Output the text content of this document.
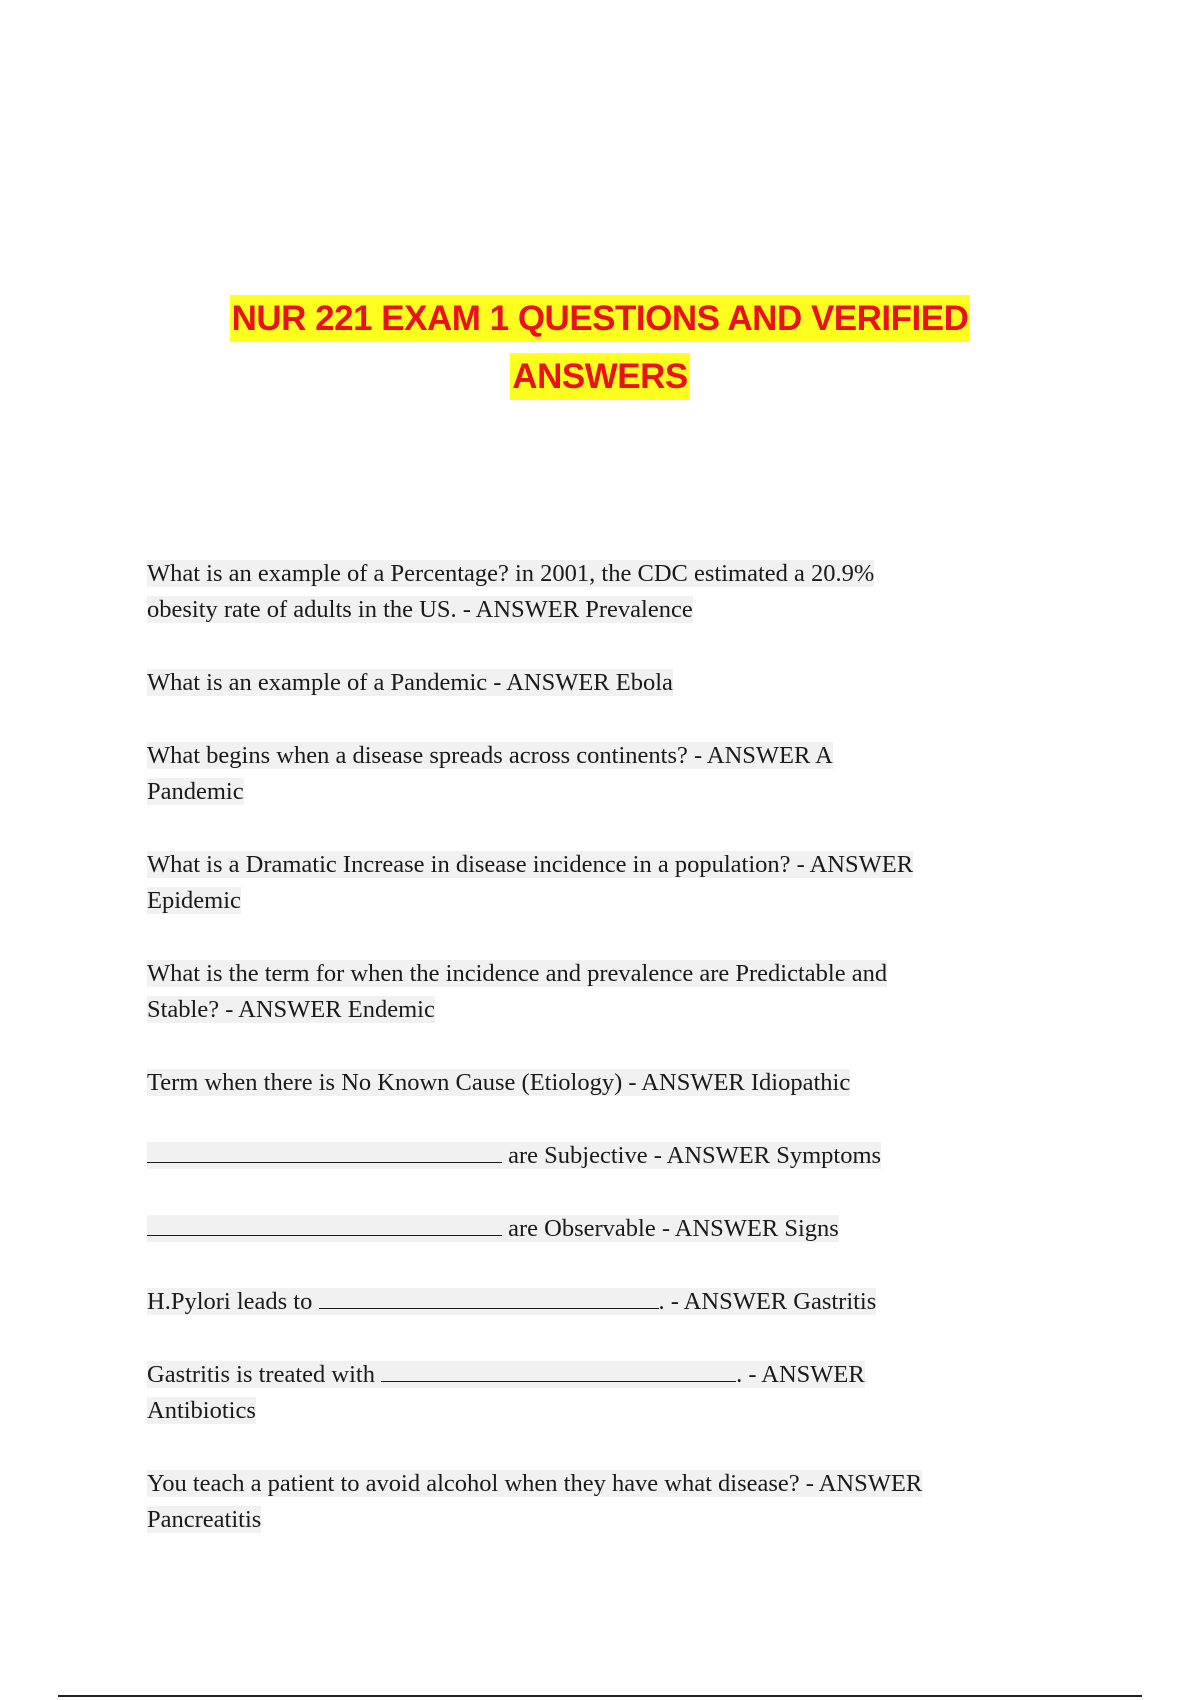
NUR 221 EXAM 1 QUESTIONS AND VERIFIED
ANSWERS
What is an example of a Percentage? in 2001, the CDC estimated a 20.9%
obesity rate of adults in the US. - ANSWER Prevalence
What is an example of a Pandemic - ANSWER Ebola
What begins when a disease spreads across continents? - ANSWER A
Pandemic
What is a Dramatic Increase in disease incidence in a population? - ANSWER
Epidemic
What is the term for when the incidence and prevalence are Predictable and
Stable? - ANSWER Endemic
Term when there is No Known Cause (Etiology) - ANSWER Idiopathic
are Subjective - ANSWER Symptoms
are Observable - ANSWER Signs
H.Pylori leads to	. - ANSWER Gastritis
Gastritis is treated with	. - ANSWER
Antibiotics
You teach a patient to avoid alcohol when they have what disease? - ANSWER
Pancreatitis
